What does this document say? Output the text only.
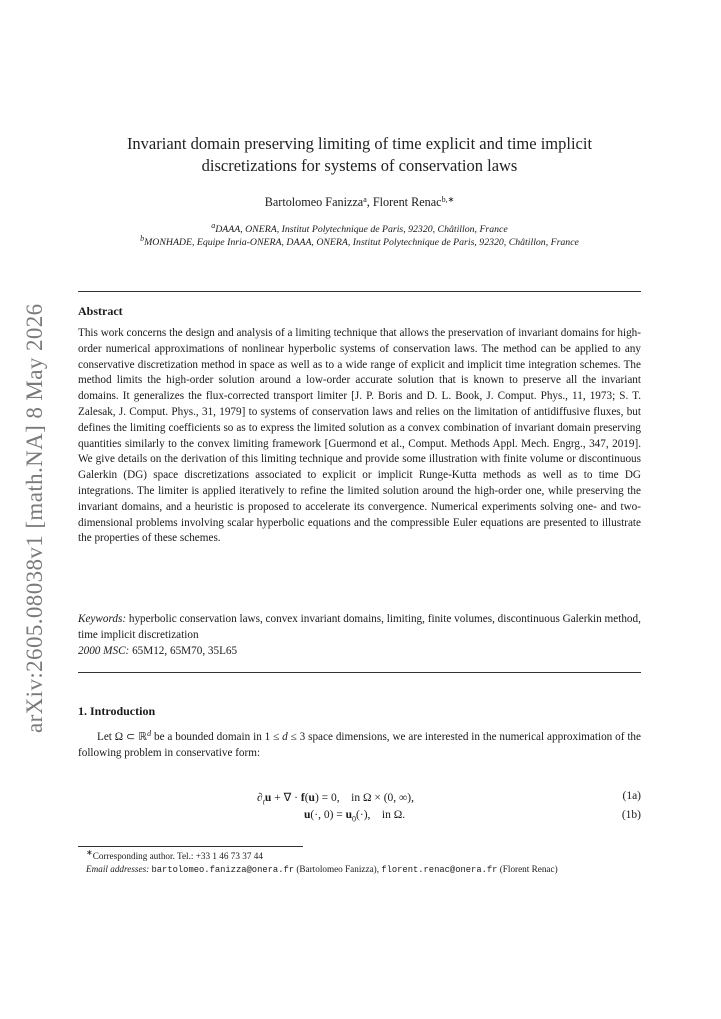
arXiv:2605.08038v1 [math.NA] 8 May 2026
Invariant domain preserving limiting of time explicit and time implicit
discretizations for systems of conservation laws
Bartolomeo Fanizza$^a$, Florent Renac$^{b,∗}$
$^a$DAAA, ONERA, Institut Polytechnique de Paris, 92320, Châtillon, France
$^b$MONHADE, Equipe Inria-ONERA, DAAA, ONERA, Institut Polytechnique de Paris, 92320, Châtillon, France
Abstract
This work concerns the design and analysis of a limiting technique that allows the preservation of invariant domains for high-order numerical approximations of nonlinear hyperbolic systems of conservation laws. The method can be applied to any conservative discretization method in space as well as to a wide range of explicit and implicit time integration schemes. The method limits the high-order solution around a low-order accurate solution that is known to preserve all the invariant domains. It generalizes the flux-corrected transport limiter [J. P. Boris and D. L. Book, J. Comput. Phys., 11, 1973; S. T. Zalesak, J. Comput. Phys., 31, 1979] to systems of conservation laws and relies on the limitation of antidiffusive fluxes, but defines the limiting coefficients so as to express the limited solution as a convex combination of invariant domain preserving quantities similarly to the convex limiting framework [Guermond et al., Comput. Methods Appl. Mech. Engrg., 347, 2019]. We give details on the derivation of this limiting technique and provide some illustration with finite volume or discontinuous Galerkin (DG) space discretizations associated to explicit or implicit Runge-Kutta methods as well as to time DG integrations. The limiter is applied iteratively to refine the limited solution around the high-order one, while preserving the invariant domains, and a heuristic is proposed to accelerate its convergence. Numerical experiments solving one- and two-dimensional problems involving scalar hyperbolic equations and the compressible Euler equations are presented to illustrate the properties of these schemes.
Keywords: hyperbolic conservation laws, convex invariant domains, limiting, finite volumes, discontinuous Galerkin method, time implicit discretization
2000 MSC: 65M12, 65M70, 35L65
1. Introduction
Let Ω ⊂ ℝ$^d$ be a bounded domain in 1 ≤ d ≤ 3 space dimensions, we are interested in the numerical approximation of the following problem in conservative form:
$\partial_tu$ + ∇ · f(u) = 0,    in Ω × (0, ∞),	(1a)
u(·, $0) = u_0(\cdot)$,    in Ω.	(1b)
∗Corresponding author. Tel.: +33 1 46 73 37 44
Email addresses: bartolomeo.fanizza@onera.fr (Bartolomeo Fanizza), florent.renac@onera.fr (Florent Renac)
